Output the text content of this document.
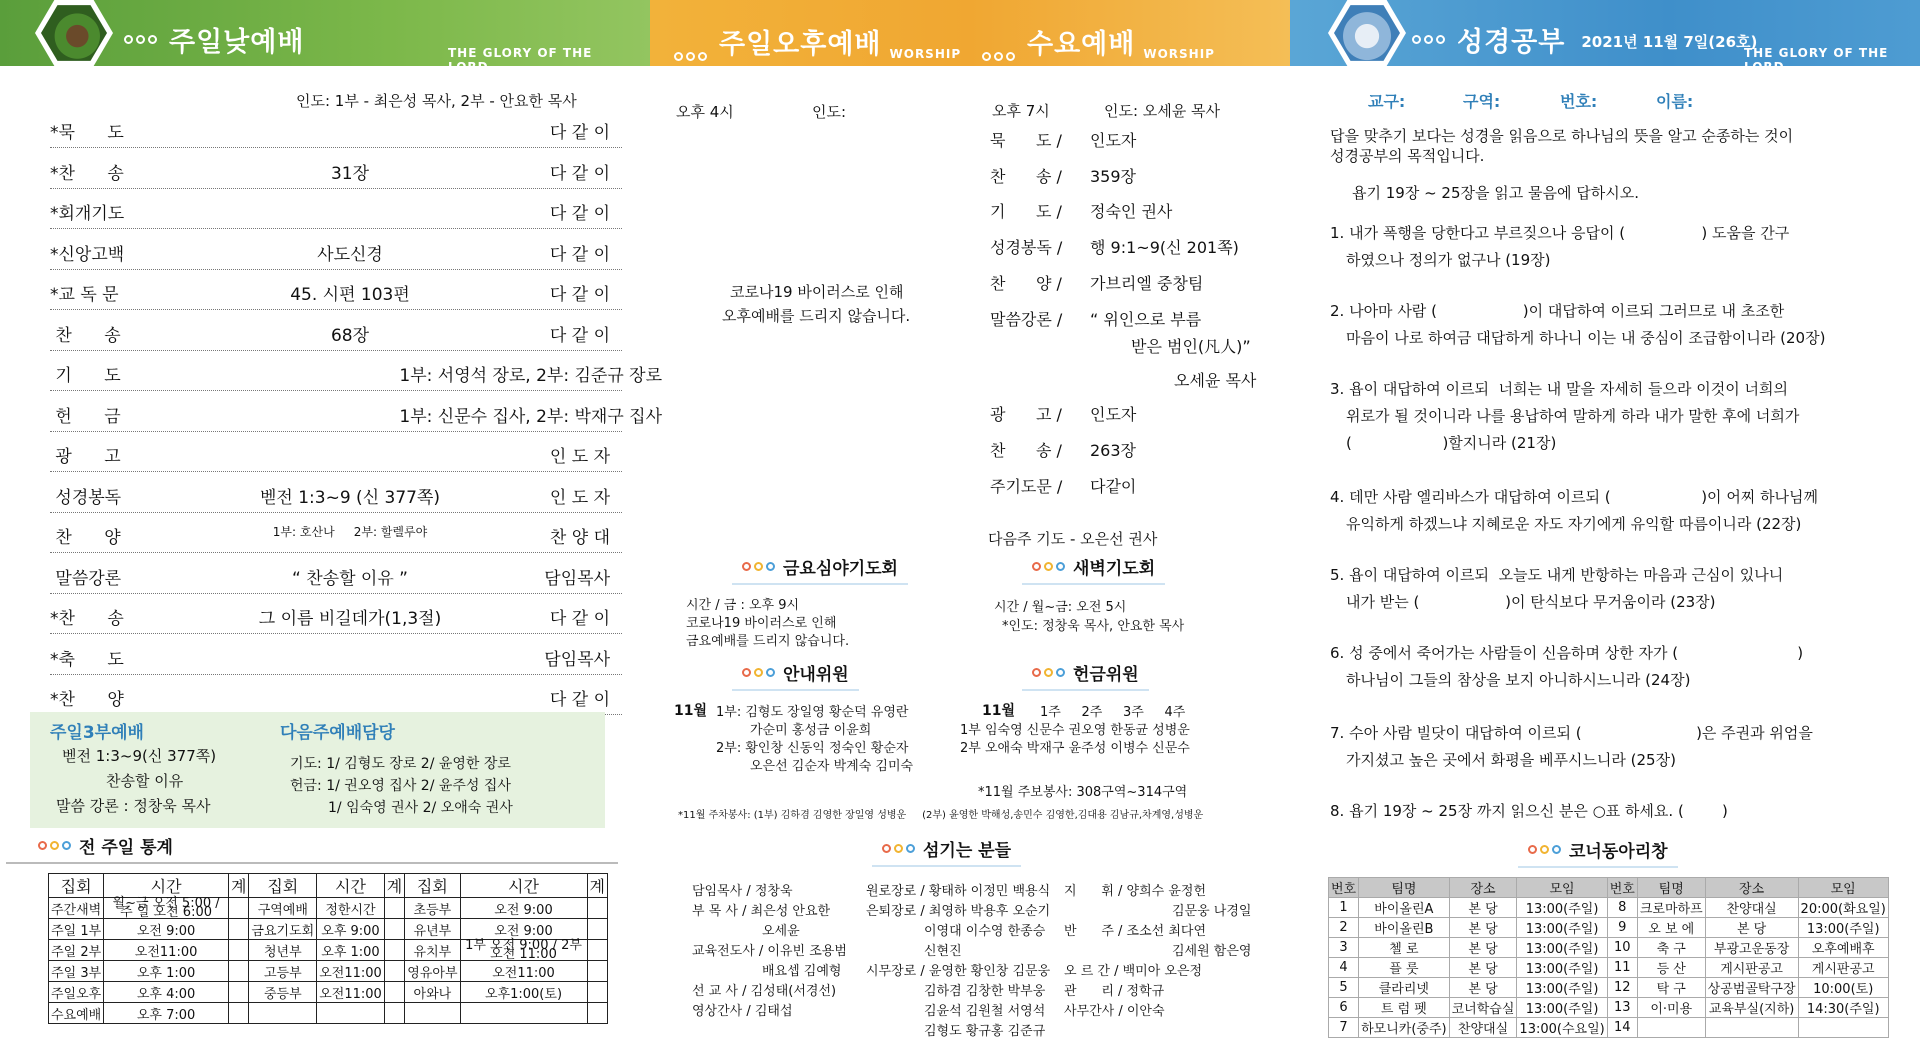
주일낮예배	THE GLORY OF THE LORD...
주일오후예배 WORSHIP 수요예배 WORSHIP	성경공부 2021년 11월 7일(26호)
THE GLORY OF THE LORD...
인도: 1부 - 최은성 목사, 2부 - 안요한 목사
*묵      도	다 같 이
*찬      송	31장	다 같 이
*회개기도	다 같 이
*신앙고백	사도신경	다 같 이
*교 독 문	45. 시편 103편	다 같 이
찬      송	68장	다 같 이
기      도	1부: 서영석 장로, 2부: 김준규 장로
헌      금	1부: 신문수 집사, 2부: 박재구 집사
광      고	인 도 자
성경봉독	벧전 1:3~9 (신 377쪽)	인 도 자
찬      양	1부: 호산나     2부: 할렐루야	찬 양 대
말씀강론	“ 찬송할 이유 ”	담임목사
*찬      송	그 이름 비길데가(1,3절)	다 같 이
*축      도	담임목사
*찬      양	다 같 이
주일3부예배
벧전 1:3~9(신 377쪽)
찬송할 이유
말씀 강론 : 정창욱 목사
다음주예배담당
기도: 1/ 김형도 장로 2/ 윤영한 장로
헌금: 1/ 권오영 집사 2/ 윤주성 집사
1/ 임숙영 권사 2/ 오애숙 권사
전 주일 통계
집회	시간	계	집회	시간	계	집회	시간	계
주간새벽	월~금 오전 5:00 / 주 일 오전 6:00		구역예배	정한시간		초등부	오전 9:00	
주일 1부	오전 9:00		금요기도회	오후 9:00		유년부	오전 9:00	
주일 2부	오전11:00		청년부	오후 1:00		유치부	1부 오전 9:00 / 2부 오전 11:00	
주일 3부	오후 1:00		고등부	오전11:00		영유아부	오전11:00	
주일오후	오후 4:00		중등부	오전11:00		아와나	오후1:00(토)	
수요예배	오후 7:00							
오후 4시	인도:
코로나19 바이러스로 인해
오후예배를 드리지 않습니다.
오후 7시	인도: 오세윤 목사
묵      도 / 인도자
찬      송 / 359장
기      도 / 정숙인 권사
성경봉독 / 행 9:1~9(신 201쪽)
찬      양 / 가브리엘 중창팀
말씀강론 / “ 위인으로 부름
받은 범인(凡人)”
오세윤 목사
광      고 / 인도자
찬      송 / 263장
주기도문 / 다같이
다음주 기도 - 오은선 권사
금요심야기도회
시간 / 금 : 오후 9시
코로나19 바이러스로 인해
금요예배를 드리지 않습니다.
새벽기도회
시간 / 월~금: 오전 5시
*인도: 정창욱 목사, 안요한 목사
안내위원
11월 1부: 김형도 장일영 황순덕 유영란
가순미 홍성금 이윤희
2부: 황인창 신동익 정숙인 황순자
오은선 김순자 박계숙 김미숙
헌금위원
11월 1주     2주     3주     4주
1부 임숙영 신문수 권오영 한동균 성병운
2부 오애숙 박재구 윤주성 이병수 신문수
*11월 주보봉사: 308구역~314구역
*11월 주차봉사: (1부) 김하겸 김영한 장일영 성병운     (2부) 윤영한 박해성,송민수 김영한,김대용 김남규,차계영,성병운
섬기는 분들
담임목사 / 정창욱
부 목 사 / 최은성 안요한
오세윤
교육전도사 / 이유빈 조용범
배요셉 김예형
선 교 사 / 김성태(서경선)
영상간사 / 김태섭
원로장로 / 황태하 이정민 백용식
은퇴장로 / 최영하 박용후 오순기
이영대 이수영 한종승
신현진
시무장로 / 윤영한 황인창 김문웅
김하겸 김창한 박부웅
김윤석 김원철 서영석
김형도 황규홍 김준규
지      휘 / 양희수 윤정헌
김문웅 나경일
반      주 / 조소선 최다연
김세원 함은영
오 르 간 / 백미아 오은정
관      리 / 정학규
사무간사 / 이안숙
교구:	구역:	번호:	이름:
답을 맞추기 보다는 성경을 읽음으로 하나님의 뜻을 알고 순종하는 것이
성경공부의 목적입니다.
욥기 19장 ~ 25장을 읽고 물음에 답하시오.
1. 내가 폭행을 당한다고 부르짖으나 응답이 (                ) 도움을 간구
하였으나 정의가 없구나 (19장)
2. 나아마 사람 (                  )이 대답하여 이르되 그러므로 내 초조한
마음이 나로 하여금 대답하게 하나니 이는 내 중심이 조급함이니라 (20장)
3. 욥이 대답하여 이르되  너희는 내 말을 자세히 들으라 이것이 너희의
위로가 될 것이니라 나를 용납하여 말하게 하라 내가 말한 후에 너희가
(                   )할지니라 (21장)
4. 데만 사람 엘리바스가 대답하여 이르되 (                   )이 어찌 하나님께
유익하게 하겠느냐 지혜로운 자도 자기에게 유익할 따름이니라 (22장)
5. 욥이 대답하여 이르되  오늘도 내게 반항하는 마음과 근심이 있나니
내가 받는 (                  )이 탄식보다 무거움이라 (23장)
6. 성 중에서 죽어가는 사람들이 신음하며 상한 자가 (                         )
하나님이 그들의 참상을 보지 아니하시느니라 (24장)
7. 수아 사람 빌닷이 대답하여 이르되 (                        )은 주권과 위엄을
가지셨고 높은 곳에서 화평을 베푸시느니라 (25장)
8. 욥기 19장 ~ 25장 까지 읽으신 분은 ○표 하세요. (        )
코너동아리창
번호	팀명	장소	모임	번호	팀명	장소	모임
1	바이올린A	본 당	13:00(주일)	8	크로마하프	찬양대실	20:00(화요일)
2	바이올린B	본 당	13:00(주일)	9	오 보 에	본 당	13:00(주일)
3	첼 로	본 당	13:00(주일)	10	축 구	부광고운동장	오후예배후
4	플 룻	본 당	13:00(주일)	11	등 산	게시판공고	게시판공고
5	클라리넷	본 당	13:00(주일)	12	탁 구	상공범골탁구장	10:00(토)
6	트 럼 펫	코너학습실	13:00(주일)	13	이·미용	교육부실(지하)	14:30(주일)
7	하모니카(중주)	찬양대실	13:00(수요일)	14			
